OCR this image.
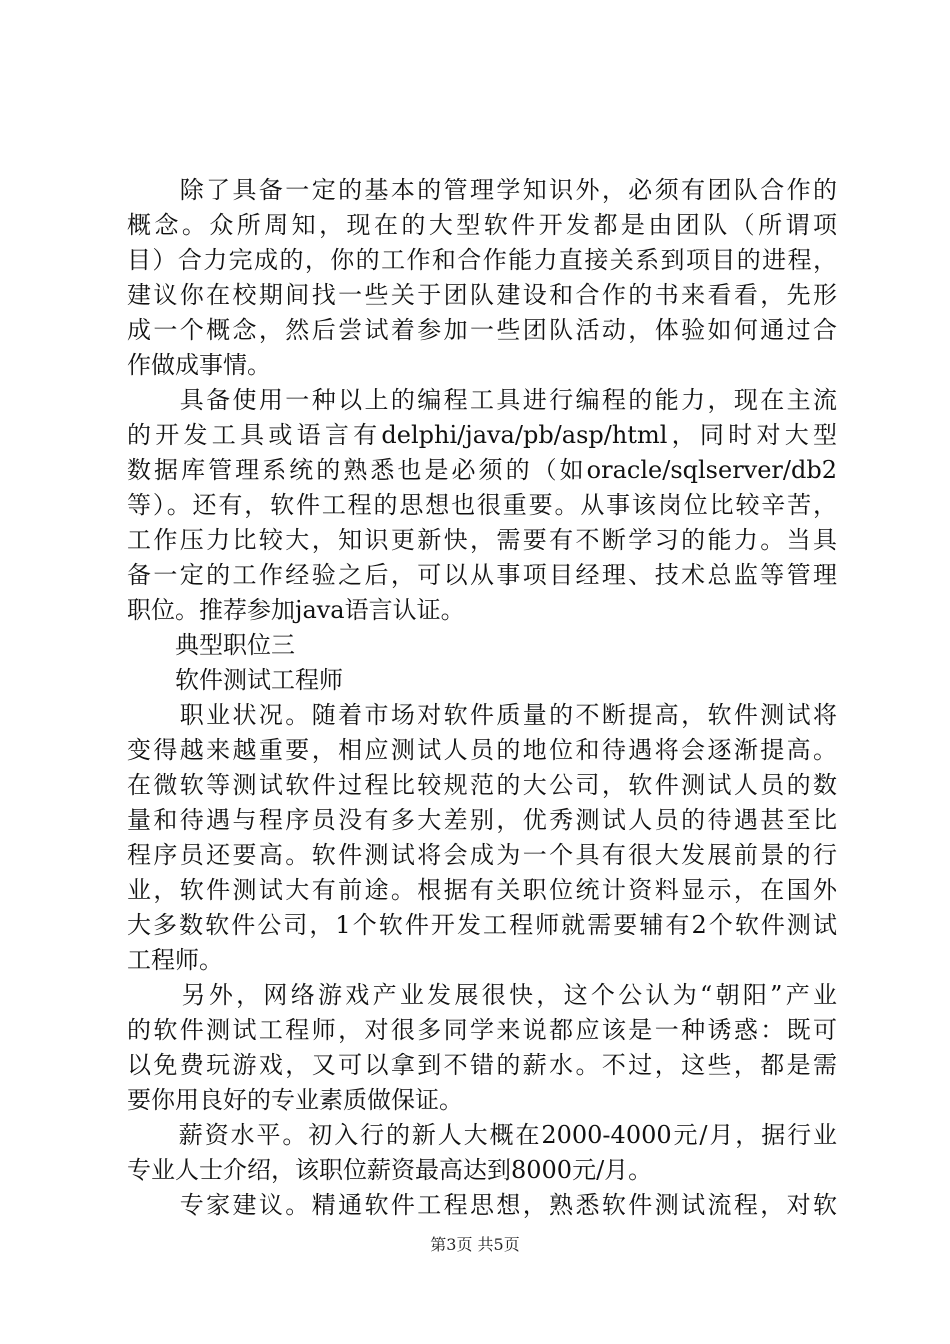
　　除了具备一定的基本的管理学知识外，必须有团队合作的
概念。众所周知，现在的大型软件开发都是由团队（所谓项
目）合力完成的，你的工作和合作能力直接关系到项目的进程，
建议你在校期间找一些关于团队建设和合作的书来看看，先形
成一个概念，然后尝试着参加一些团队活动，体验如何通过合
作做成事情。
　　具备使用一种以上的编程工具进行编程的能力，现在主流
的开发工具或语言有delphi/java/pb/asp/html，同时对大型
数据库管理系统的熟悉也是必须的（如oracle/sqlserver/db2
等）。还有，软件工程的思想也很重要。从事该岗位比较辛苦，
工作压力比较大，知识更新快，需要有不断学习的能力。当具
备一定的工作经验之后，可以从事项目经理、技术总监等管理
职位。推荐参加java语言认证。
　　典型职位三
　　软件测试工程师
　　职业状况。随着市场对软件质量的不断提高，软件测试将
变得越来越重要，相应测试人员的地位和待遇将会逐渐提高。
在微软等测试软件过程比较规范的大公司，软件测试人员的数
量和待遇与程序员没有多大差别，优秀测试人员的待遇甚至比
程序员还要高。软件测试将会成为一个具有很大发展前景的行
业，软件测试大有前途。根据有关职位统计资料显示，在国外
大多数软件公司，1个软件开发工程师就需要辅有2个软件测试
工程师。
　　另外，网络游戏产业发展很快，这个公认为“朝阳”产业
的软件测试工程师，对很多同学来说都应该是一种诱惑：既可
以免费玩游戏，又可以拿到不错的薪水。不过，这些，都是需
要你用良好的专业素质做保证。
　　薪资水平。初入行的新人大概在2000-4000元/月，据行业
专业人士介绍，该职位薪资最高达到8000元/月。
　　专家建议。精通软件工程思想，熟悉软件测试流程，对软
第3页 共5页
